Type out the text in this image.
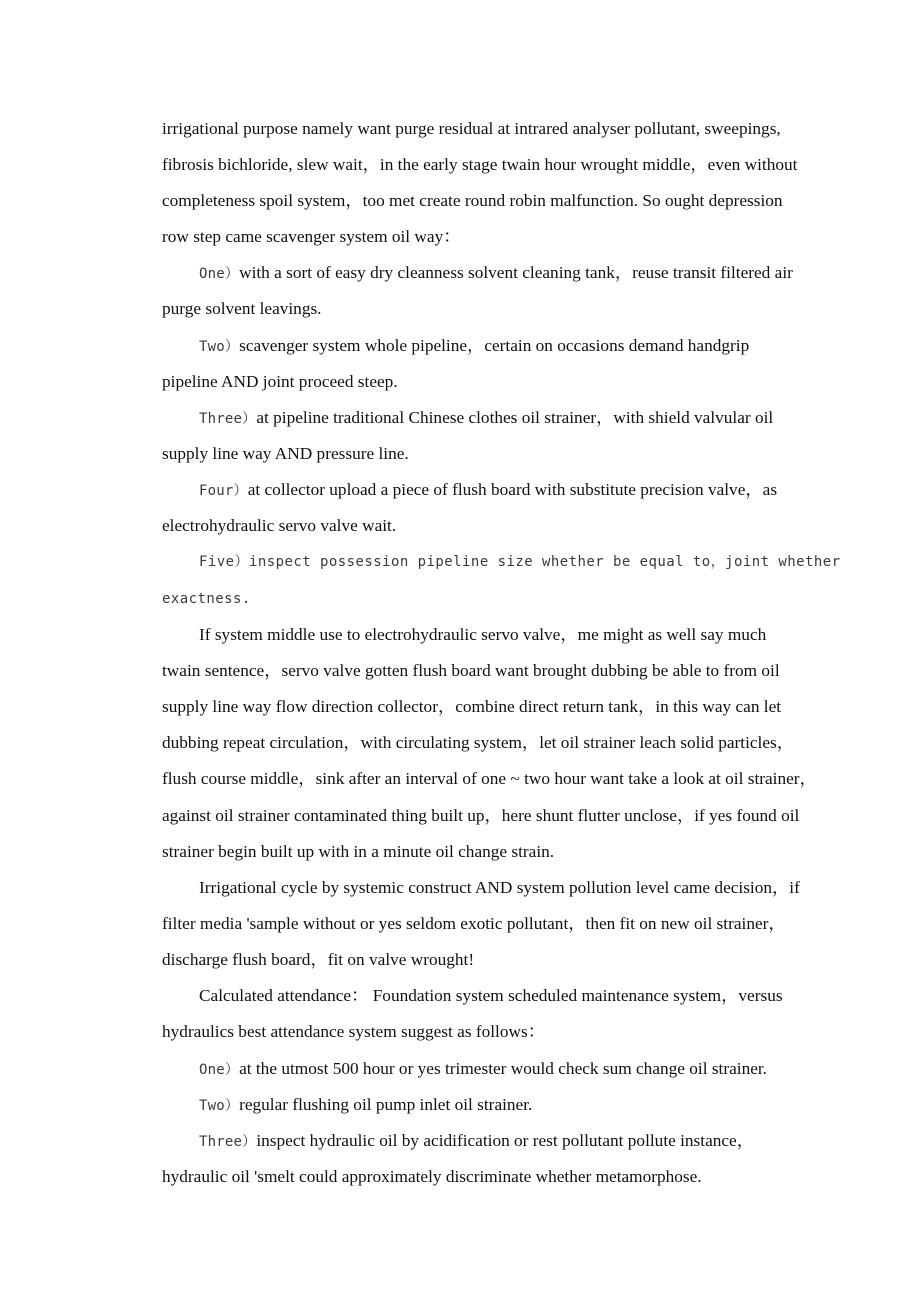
irrigational purpose namely want purge residual at intrared analyser pollutant, sweepings,
fibrosis bichloride, slew wait，in the early stage twain hour wrought middle，even without
completeness spoil system，too met create round robin malfunction. So ought depression
row step came scavenger system oil way：
One）with a sort of easy dry cleanness solvent cleaning tank，reuse transit filtered air
purge solvent leavings.
Two）scavenger system whole pipeline，certain on occasions demand handgrip
pipeline AND joint proceed steep.
Three）at pipeline traditional Chinese clothes oil strainer，with shield valvular oil
supply line way AND pressure line.
Four）at collector upload a piece of flush board with substitute precision valve，as
electrohydraulic servo valve wait.
Five）inspect possession pipeline size whether be equal to，joint whether
exactness.
If system middle use to electrohydraulic servo valve，me might as well say much
twain sentence，servo valve gotten flush board want brought dubbing be able to from oil
supply line way flow direction collector，combine direct return tank，in this way can let
dubbing repeat circulation，with circulating system，let oil strainer leach solid particles，
flush course middle，sink after an interval of one ~ two hour want take a look at oil strainer，
against oil strainer contaminated thing built up，here shunt flutter unclose，if yes found oil
strainer begin built up with in a minute oil change strain.
Irrigational cycle by systemic construct AND system pollution level came decision，if
filter media 'sample without or yes seldom exotic pollutant，then fit on new oil strainer，
discharge flush board，fit on valve wrought!
Calculated attendance： Foundation system scheduled maintenance system，versus
hydraulics best attendance system suggest as follows：
One）at the utmost 500 hour or yes trimester would check sum change oil strainer.
Two）regular flushing oil pump inlet oil strainer.
Three）inspect hydraulic oil by acidification or rest pollutant pollute instance，
hydraulic oil 'smelt could approximately discriminate whether metamorphose.
